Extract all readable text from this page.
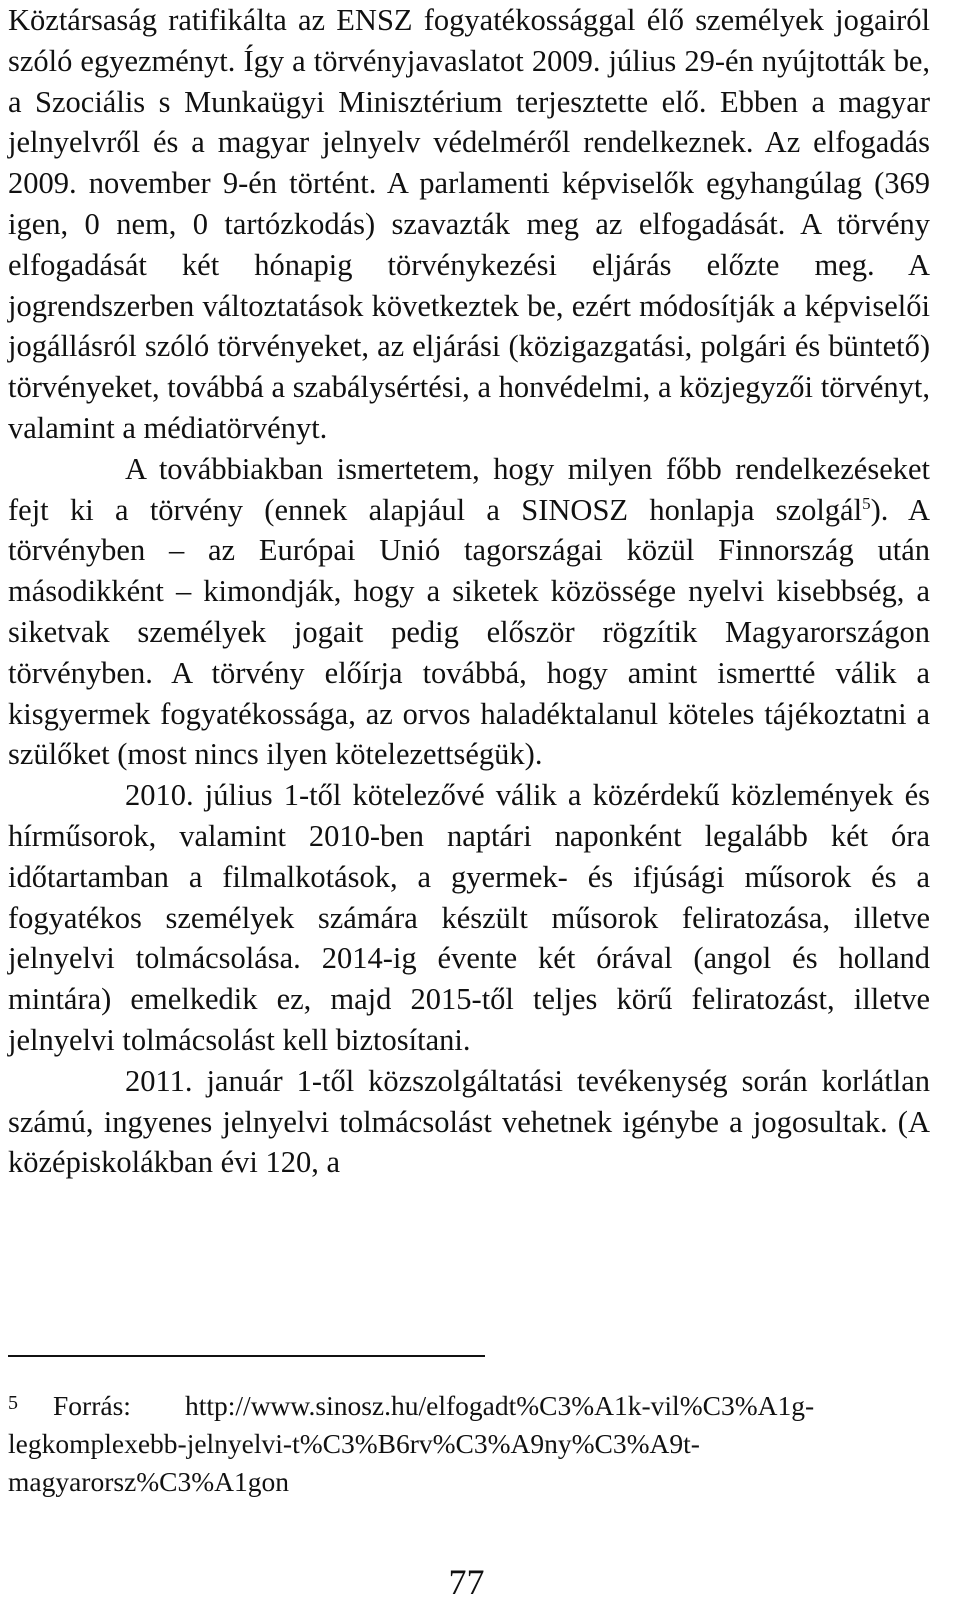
Köztársaság ratifikálta az ENSZ fogyatékossággal élő személyek jogairól szóló egyezményt. Így a törvényjavaslatot 2009. július 29-én nyújtották be, a Szociális s Munkaügyi Minisztérium terjesztette elő. Ebben a magyar jelnyelvről és a magyar jelnyelv védelméről rendelkeznek. Az elfogadás 2009. november 9-én történt. A parlamenti képviselők egyhangúlag (369 igen, 0 nem, 0 tartózkodás) szavazták meg az elfogadását. A törvény elfogadását két hónapig törvénykezési eljárás előzte meg. A jogrendszerben változtatások következtek be, ezért módosítják a képviselői jogállásról szóló törvényeket, az eljárási (közigazgatási, polgári és büntető) törvényeket, továbbá a szabálysértési, a honvédelmi, a közjegyzői törvényt, valamint a médiatörvényt.

A továbbiakban ismertetem, hogy milyen főbb rendelkezéseket fejt ki a törvény (ennek alapjául a SINOSZ honlapja szolgál$^5$). A törvényben – az Európai Unió tagországai közül Finnország után másodikként – kimondják, hogy a siketek közössége nyelvi kisebbség, a siketvak személyek jogait pedig először rögzítik Magyarországon törvényben. A törvény előírja továbbá, hogy amint ismertté válik a kisgyermek fogyatékossága, az orvos haladéktalanul köteles tájékoztatni a szülőket (most nincs ilyen kötelezettségük).

2010. július 1-től kötelezővé válik a közérdekű közlemények és hírműsorok, valamint 2010-ben naptári naponként legalább két óra időtartamban a filmalkotások, a gyermek- és ifjúsági műsorok és a fogyatékos személyek számára készült műsorok feliratozása, illetve jelnyelvi tolmácsolása. 2014-ig évente két órával (angol és holland mintára) emelkedik ez, majd 2015-től teljes körű feliratozást, illetve jelnyelvi tolmácsolást kell biztosítani.

2011. január 1-től közszolgáltatási tevékenység során korlátlan számú, ingyenes jelnyelvi tolmácsolást vehetnek igénybe a jogosultak. (A középiskolákban évi 120, a

5 Forrás: http://www.sinosz.hu/elfogadt%C3%A1k-vil%C3%A1g-
legkomplexebb-jelnyelvi-t%C3%B6rv%C3%A9ny%C3%A9t-
magyarorsz%C3%A1gon
77
